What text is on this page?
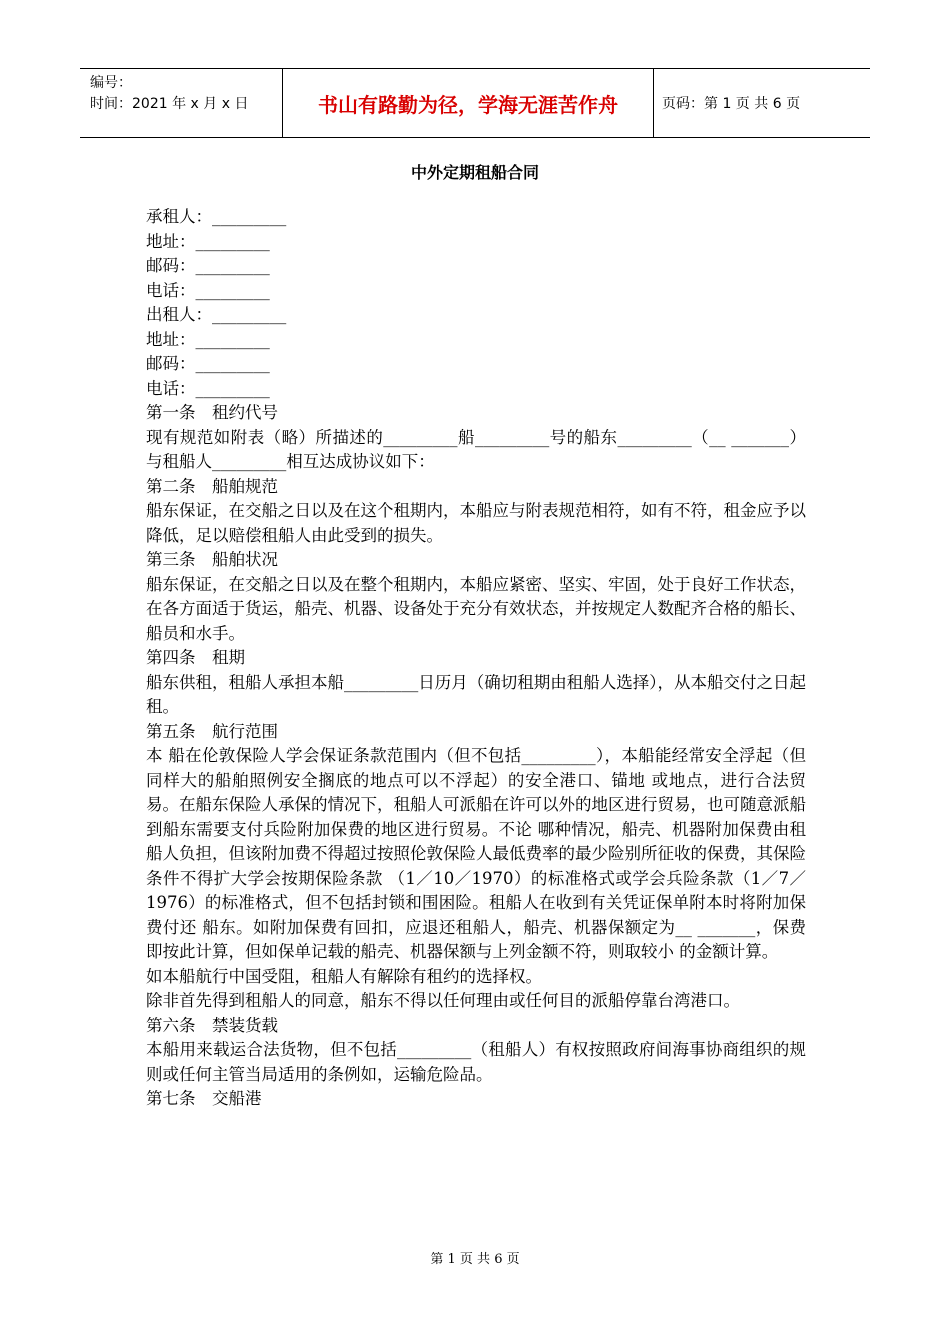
编号：
时间：2021 年 x 月 x 日	书山有路勤为径，学海无涯苦作舟	页码：第 1 页 共 6 页
中外定期租船合同

承租人：_________

地址：_________

邮码：_________

电话：_________

出租人：_________

地址：_________

邮码：_________

电话：_________

第一条　租约代号

现有规范如附表（略）所描述的_________船_________号的船东_________（__ _______）与租船人_________相互达成协议如下：

第二条　船舶规范

船东保证，在交船之日以及在这个租期内，本船应与附表规范相符，如有不符，租金应予以降低，足以赔偿租船人由此受到的损失。

第三条　船舶状况

船东保证，在交船之日以及在整个租期内，本船应紧密、坚实、牢固，处于良好工作状态，在各方面适于货运，船壳、机器、设备处于充分有效状态，并按规定人数配齐合格的船长、船员和水手。

第四条　租期

船东供租，租船人承担本船_________日历月（确切租期由租船人选择），从本船交付之日起租。

第五条　航行范围

本 船在伦敦保险人学会保证条款范围内（但不包括_________），本船能经常安全浮起（但同样大的船舶照例安全搁底的地点可以不浮起）的安全港口、锚地 或地点，进行合法贸易。在船东保险人承保的情况下，租船人可派船在许可以外的地区进行贸易，也可随意派船到船东需要支付兵险附加保费的地区进行贸易。不论 哪种情况，船壳、机器附加保费由租船人负担，但该附加费不得超过按照伦敦保险人最低费率的最少险别所征收的保费，其保险条件不得扩大学会按期保险条款 （1／10／1970）的标准格式或学会兵险条款（1／7／1976）的标准格式，但不包括封锁和围困险。租船人在收到有关凭证保单附本时将附加保费付还 船东。如附加保费有回扣，应退还租船人，船壳、机器保额定为__ _______，保费即按此计算，但如保单记载的船壳、机器保额与上列金额不符，则取较小 的金额计算。

如本船航行中国受阻，租船人有解除有租约的选择权。

除非首先得到租船人的同意，船东不得以任何理由或任何目的派船停靠台湾港口。

第六条　禁装货载

本船用来载运合法货物，但不包括_________（租船人）有权按照政府间海事协商组织的规则或任何主管当局适用的条例如，运输危险品。

第七条　交船港

第 1 页 共 6 页
